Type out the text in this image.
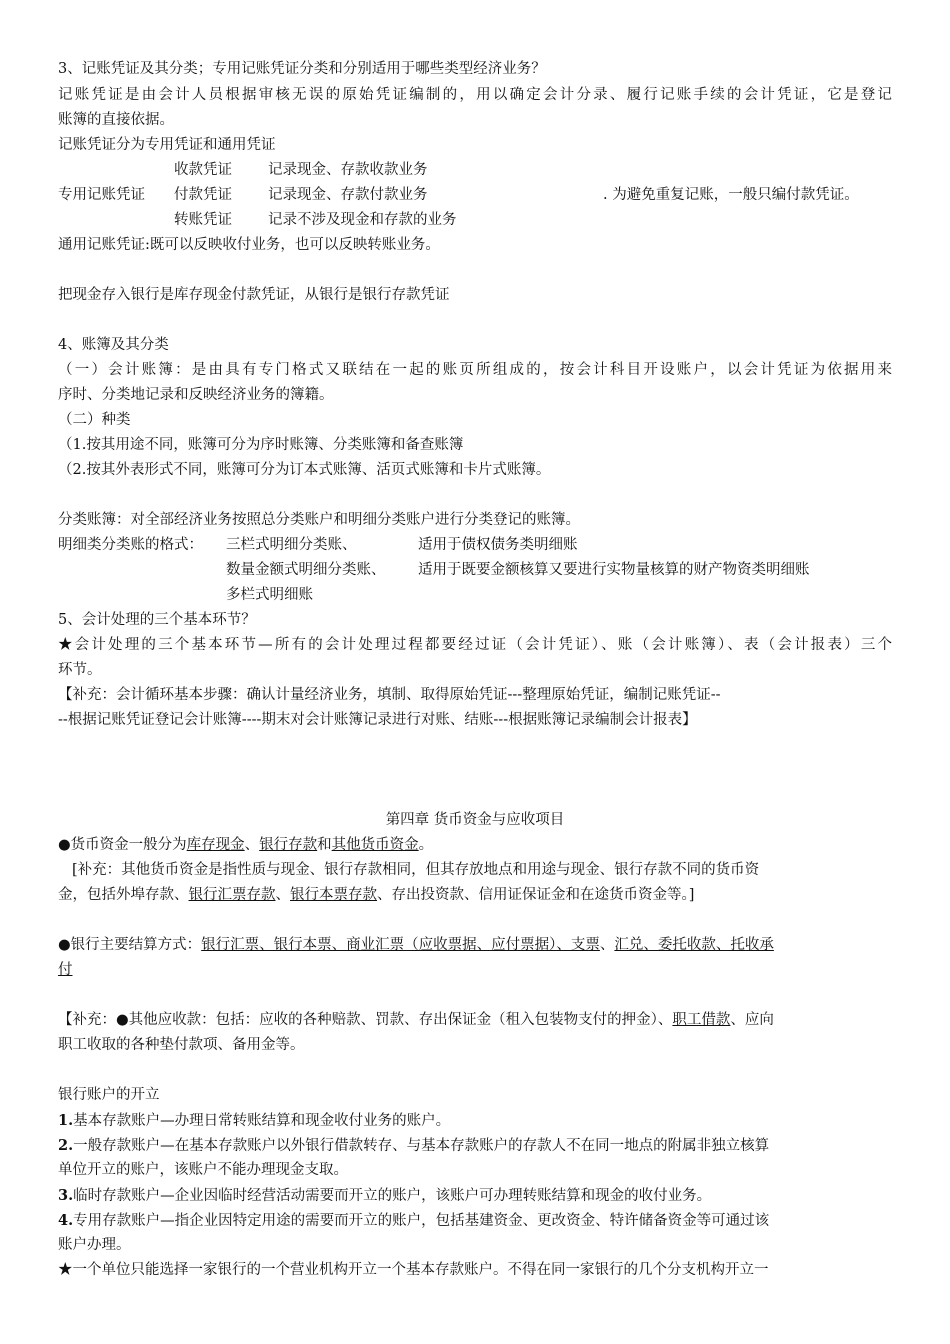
3、记账凭证及其分类；专用记账凭证分类和分别适用于哪些类型经济业务？
记账凭证是由会计人员根据审核无误的原始凭证编制的，用以确定会计分录、履行记账手续的会计凭证，它是登记
账簿的直接依据。
记账凭证分为专用凭证和通用凭证
收款凭证 记录现金、存款收款业务
专用记账凭证 付款凭证 记录现金、存款付款业务	. 为避免重复记账，一般只编付款凭证。
转账凭证 记录不涉及现金和存款的业务
通用记账凭证:既可以反映收付业务，也可以反映转账业务。
把现金存入银行是库存现金付款凭证，从银行是银行存款凭证
4、账簿及其分类
（一）会计账簿：是由具有专门格式又联结在一起的账页所组成的，按会计科目开设账户，以会计凭证为依据用来
序时、分类地记录和反映经济业务的簿籍。
（二）种类
（1.按其用途不同，账簿可分为序时账簿、分类账簿和备查账簿
（2.按其外表形式不同，账簿可分为订本式账簿、活页式账簿和卡片式账簿。
分类账簿：对全部经济业务按照总分类账户和明细分类账户进行分类登记的账簿。
明细类分类账的格式： 三栏式明细分类账、	适用于债权债务类明细账
数量金额式明细分类账、 适用于既要金额核算又要进行实物量核算的财产物资类明细账
多栏式明细账
5、会计处理的三个基本环节？
★会计处理的三个基本环节—所有的会计处理过程都要经过证（会计凭证）、账（会计账簿）、表（会计报表）三个
环节。
【补充：会计循环基本步骤：确认计量经济业务，填制、取得原始凭证---整理原始凭证，编制记账凭证--
--根据记账凭证登记会计账簿----期末对会计账簿记录进行对账、结账---根据账簿记录编制会计报表】
第四章 货币资金与应收项目
●货币资金一般分为库存现金、银行存款和其他货币资金。
[补充：其他货币资金是指性质与现金、银行存款相同，但其存放地点和用途与现金、银行存款不同的货币资
金，包括外埠存款、银行汇票存款、银行本票存款、存出投资款、信用证保证金和在途货币资金等。]
●银行主要结算方式：银行汇票、银行本票、商业汇票（应收票据、应付票据）、支票、汇兑、委托收款、托收承
付
【补充：●其他应收款：包括：应收的各种赔款、罚款、存出保证金（租入包装物支付的押金）、职工借款、应向
职工收取的各种垫付款项、备用金等。
银行账户的开立
1.基本存款账户—办理日常转账结算和现金收付业务的账户。
2.一般存款账户—在基本存款账户以外银行借款转存、与基本存款账户的存款人不在同一地点的附属非独立核算
单位开立的账户，该账户不能办理现金支取。
3.临时存款账户—企业因临时经营活动需要而开立的账户，该账户可办理转账结算和现金的收付业务。
4.专用存款账户—指企业因特定用途的需要而开立的账户，包括基建资金、更改资金、特许储备资金等可通过该
账户办理。
★一个单位只能选择一家银行的一个营业机构开立一个基本存款账户。不得在同一家银行的几个分支机构开立一
